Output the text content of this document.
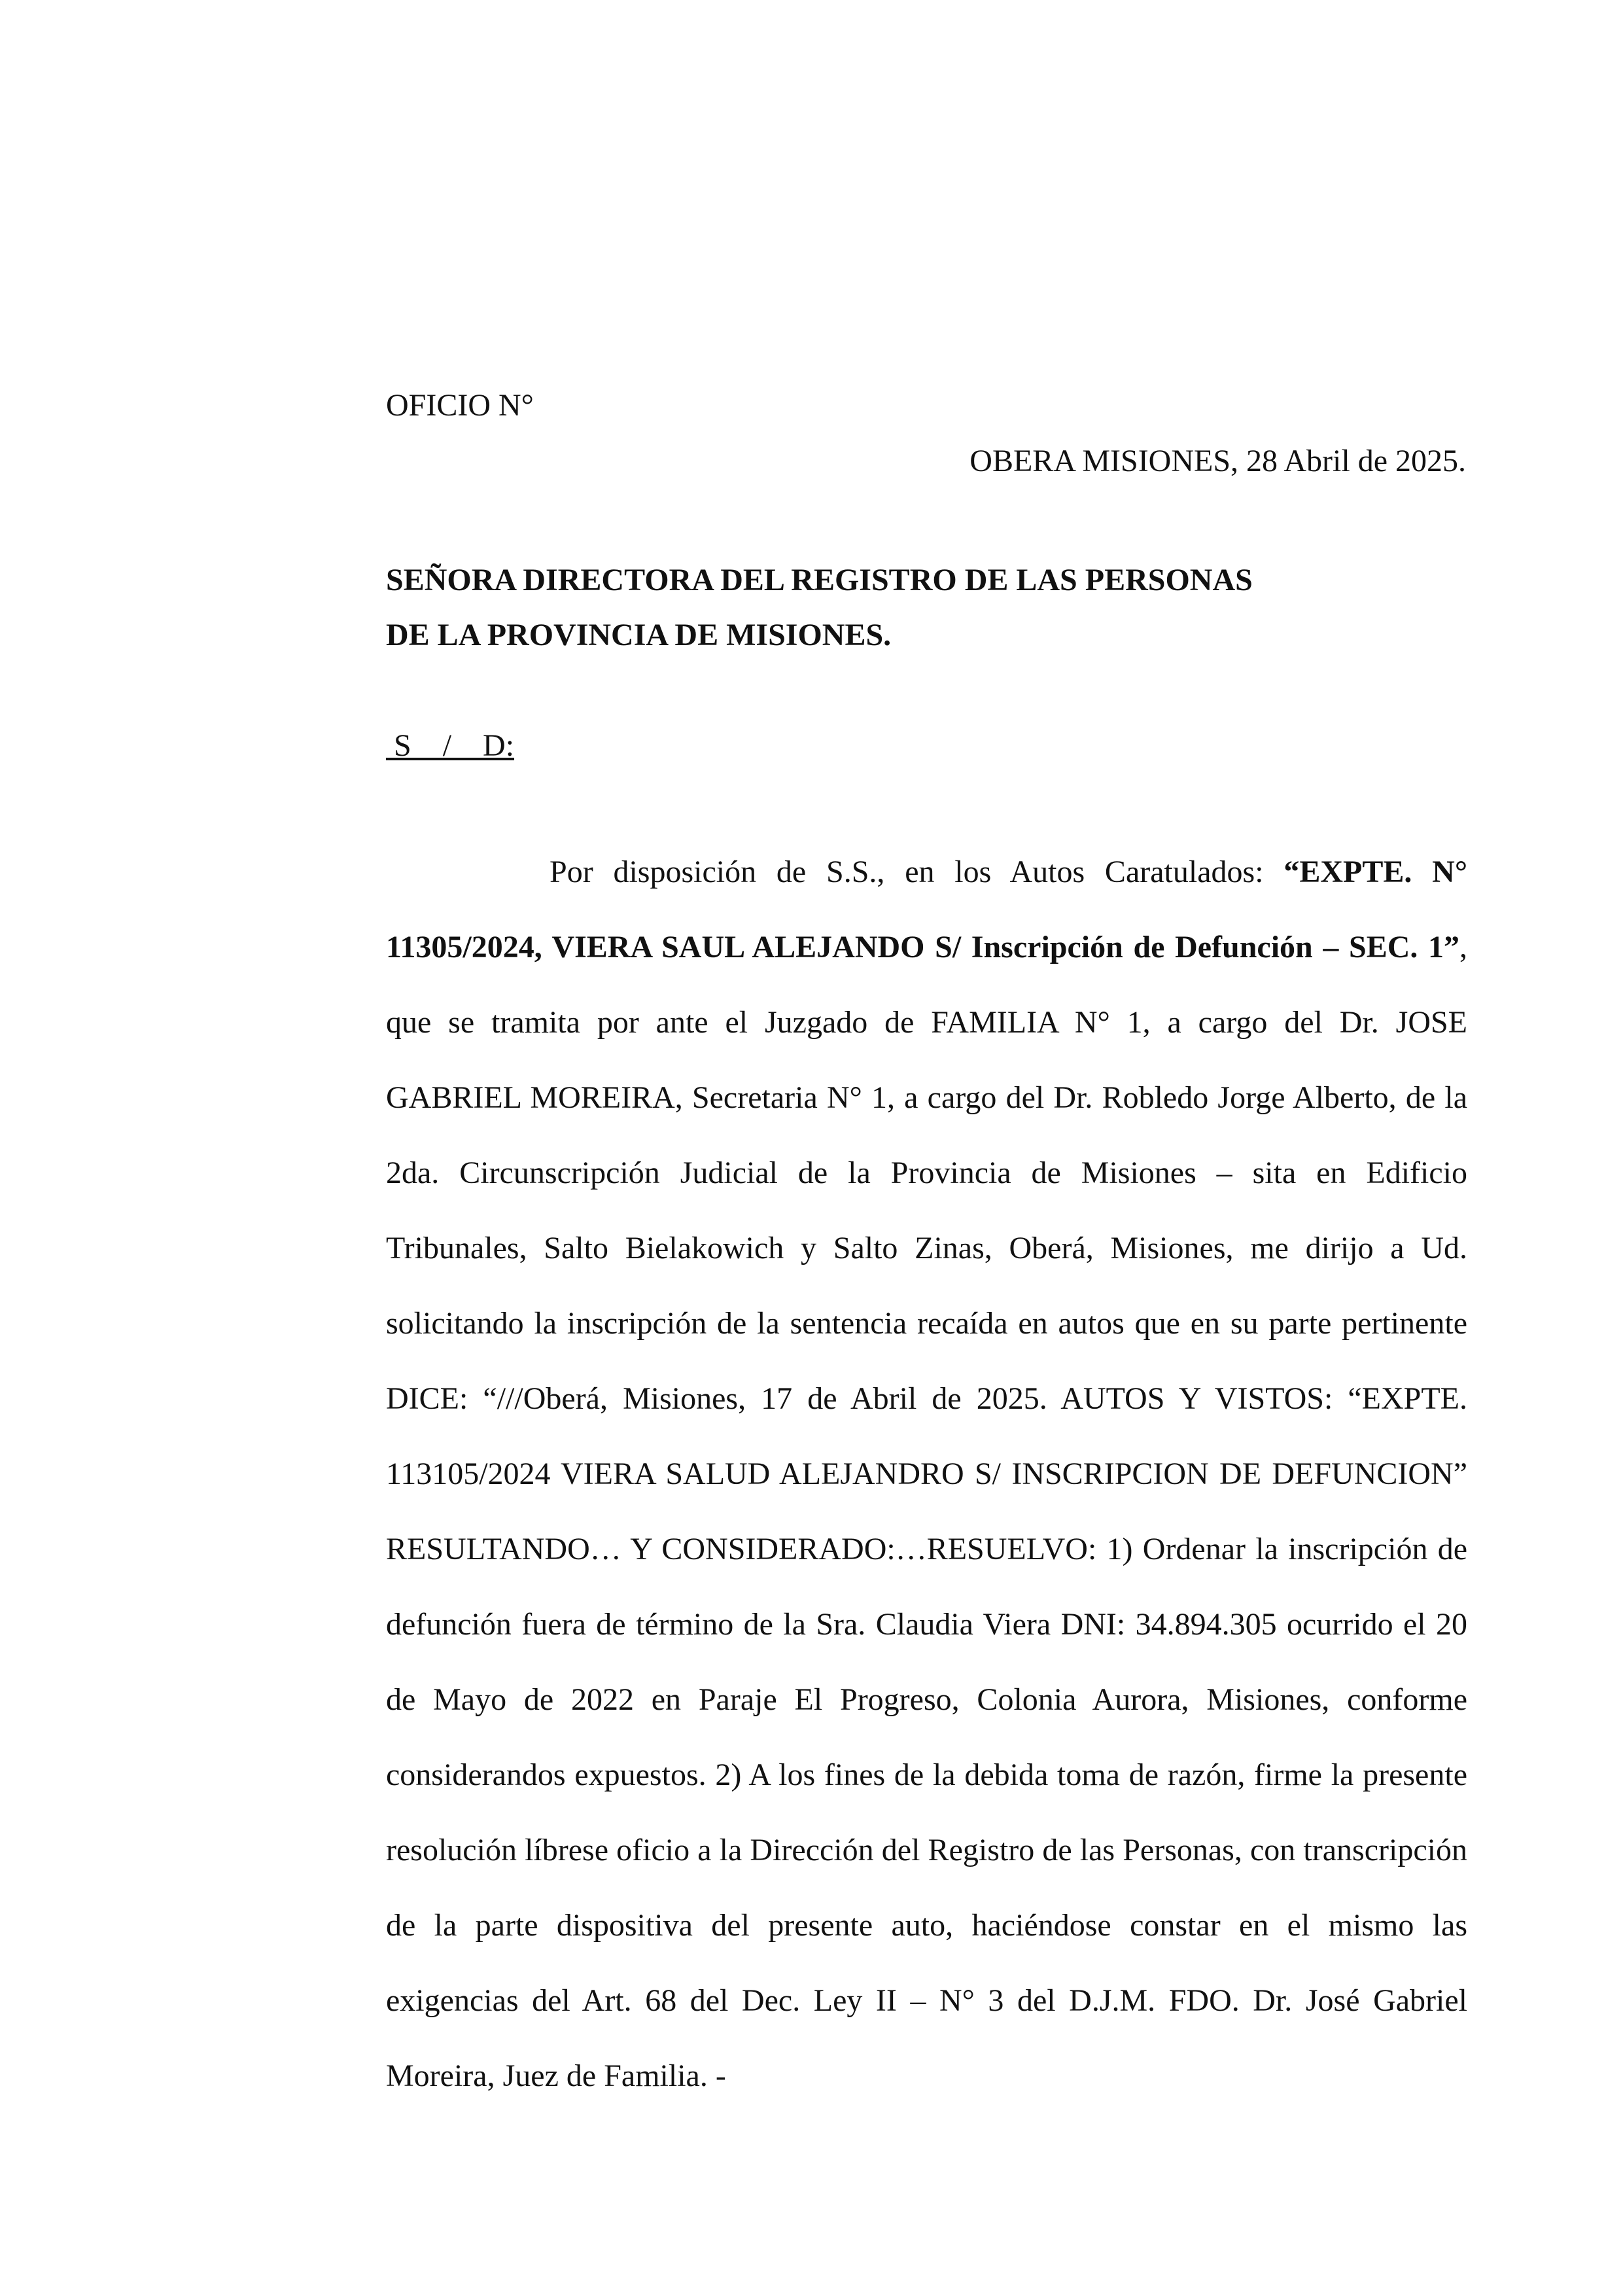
OFICIO N°

OBERA MISIONES, 28 Abril de 2025.

SEÑORA DIRECTORA DEL REGISTRO DE LAS PERSONAS
DE LA PROVINCIA DE MISIONES.

S    /    D:

Por disposición de S.S., en los Autos Caratulados: “EXPTE. N° 11305/2024, VIERA SAUL ALEJANDO S/ Inscripción de Defunción – SEC. 1”, que se tramita por ante el Juzgado de FAMILIA N° 1, a cargo del Dr. JOSE GABRIEL MOREIRA, Secretaria N° 1, a cargo del Dr. Robledo Jorge Alberto, de la 2da. Circunscripción Judicial de la Provincia de Misiones – sita en Edificio Tribunales, Salto Bielakowich y Salto Zinas, Oberá, Misiones, me dirijo a Ud. solicitando la inscripción de la sentencia recaída en autos que en su parte pertinente DICE: “///Oberá, Misiones, 17 de Abril de 2025. AUTOS Y VISTOS: “EXPTE. 113105/2024 VIERA SALUD ALEJANDRO S/ INSCRIPCION DE DEFUNCION” RESULTANDO… Y CONSIDERADO:…RESUELVO: 1) Ordenar la inscripción de defunción fuera de término de la Sra. Claudia Viera DNI: 34.894.305 ocurrido el 20 de Mayo de 2022 en Paraje El Progreso, Colonia Aurora, Misiones, conforme considerandos expuestos. 2) A los fines de la debida toma de razón, firme la presente resolución líbrese oficio a la Dirección del Registro de las Personas, con transcripción de la parte dispositiva del presente auto, haciéndose constar en el mismo las exigencias del Art. 68 del Dec. Ley II – N° 3 del D.J.M. FDO. Dr. José Gabriel Moreira, Juez de Familia. -
